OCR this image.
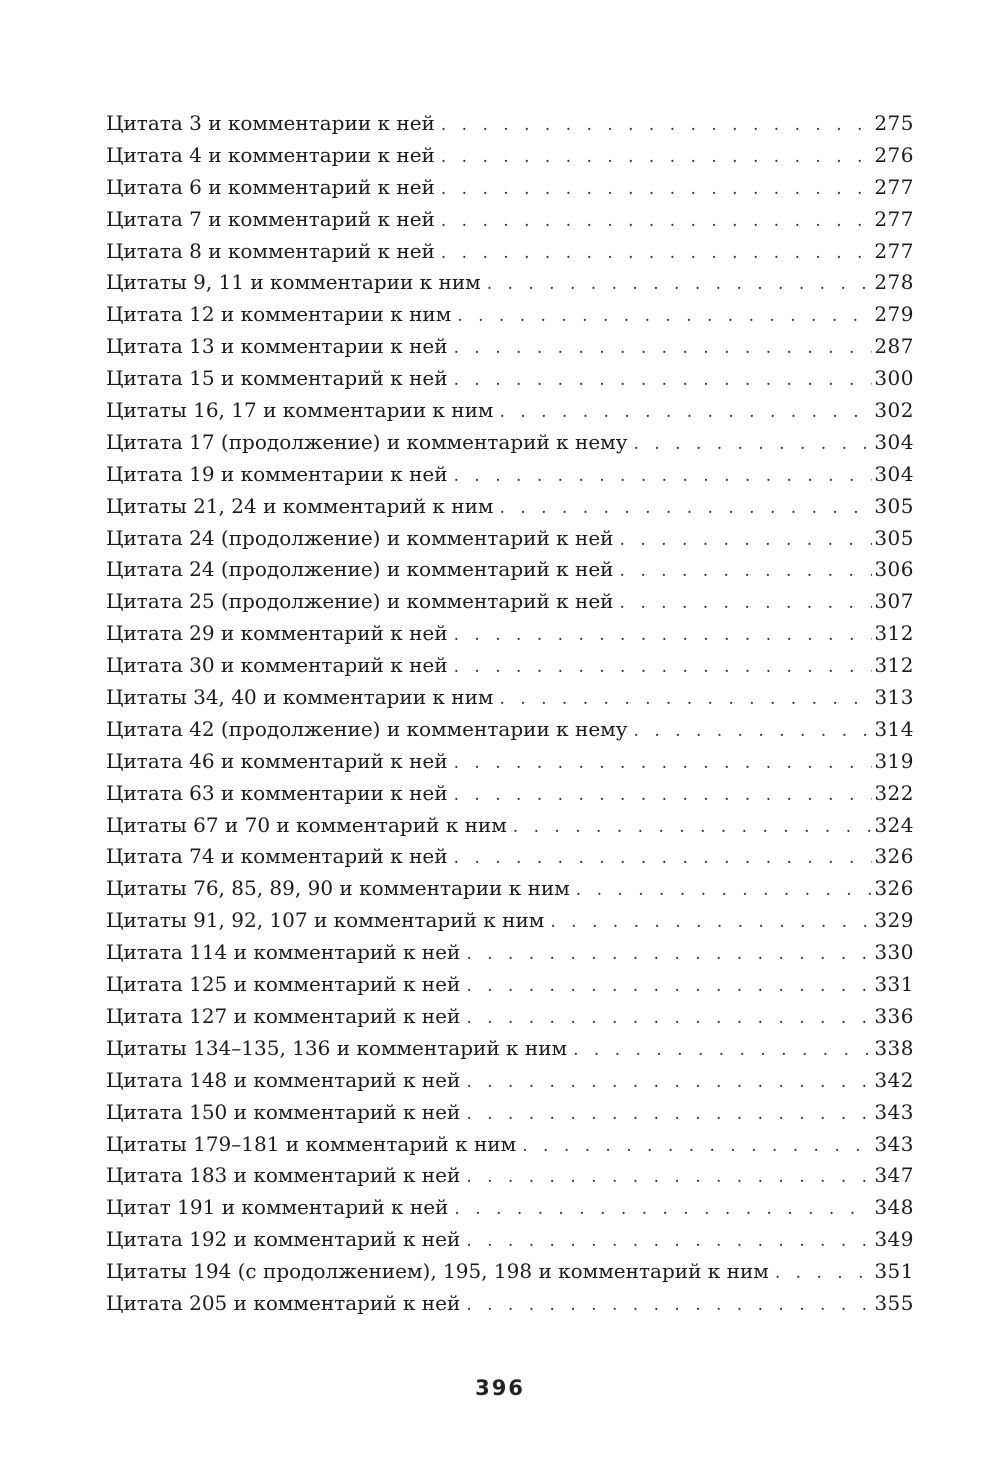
Цитата 3 и комментарии к ней . . .	275
Цитата 4 и комментарии к ней . . .	276
Цитата 6 и комментарий к ней . . .	277
Цитата 7 и комментарий к ней . . .	277
Цитата 8 и комментарий к ней . . .	277
Цитаты 9, 11 и комментарии к ним . . .	278
Цитата 12 и комментарии к ним . . .	279
Цитата 13 и комментарии к ней . . .	287
Цитата 15 и комментарий к ней . . .	300
Цитаты 16, 17 и комментарии к ним . . .	302
Цитата 17 (продолжение) и комментарий к нему . . .	304
Цитата 19 и комментарии к ней . . .	304
Цитаты 21, 24 и комментарий к ним . . .	305
Цитата 24 (продолжение) и комментарий к ней . . .	305
Цитата 24 (продолжение) и комментарий к ней . . .	306
Цитата 25 (продолжение) и комментарий к ней . . .	307
Цитата 29 и комментарий к ней . . .	312
Цитата 30 и комментарий к ней . . .	312
Цитаты 34, 40 и комментарии к ним . . .	313
Цитата 42 (продолжение) и комментарии к нему . . .	314
Цитата 46 и комментарий к ней . . .	319
Цитата 63 и комментарии к ней . . .	322
Цитаты 67 и 70 и комментарий к ним . . .	324
Цитата 74 и комментарий к ней . . .	326
Цитаты 76, 85, 89, 90 и комментарии к ним . . .	326
Цитаты 91, 92, 107 и комментарий к ним . . .	329
Цитата 114 и комментарий к ней . . .	330
Цитата 125 и комментарий к ней . . .	331
Цитата 127 и комментарий к ней . . .	336
Цитаты 134–135, 136 и комментарий к ним . . .	338
Цитата 148 и комментарий к ней . . .	342
Цитата 150 и комментарий к ней . . .	343
Цитаты 179–181 и комментарий к ним . . .	343
Цитата 183 и комментарий к ней . . .	347
Цитат 191 и комментарий к ней . . .	348
Цитата 192 и комментарий к ней . . .	349
Цитаты 194 (с продолжением), 195, 198 и комментарий к ним . . .	351
Цитата 205 и комментарий к ней . . .	355
396
